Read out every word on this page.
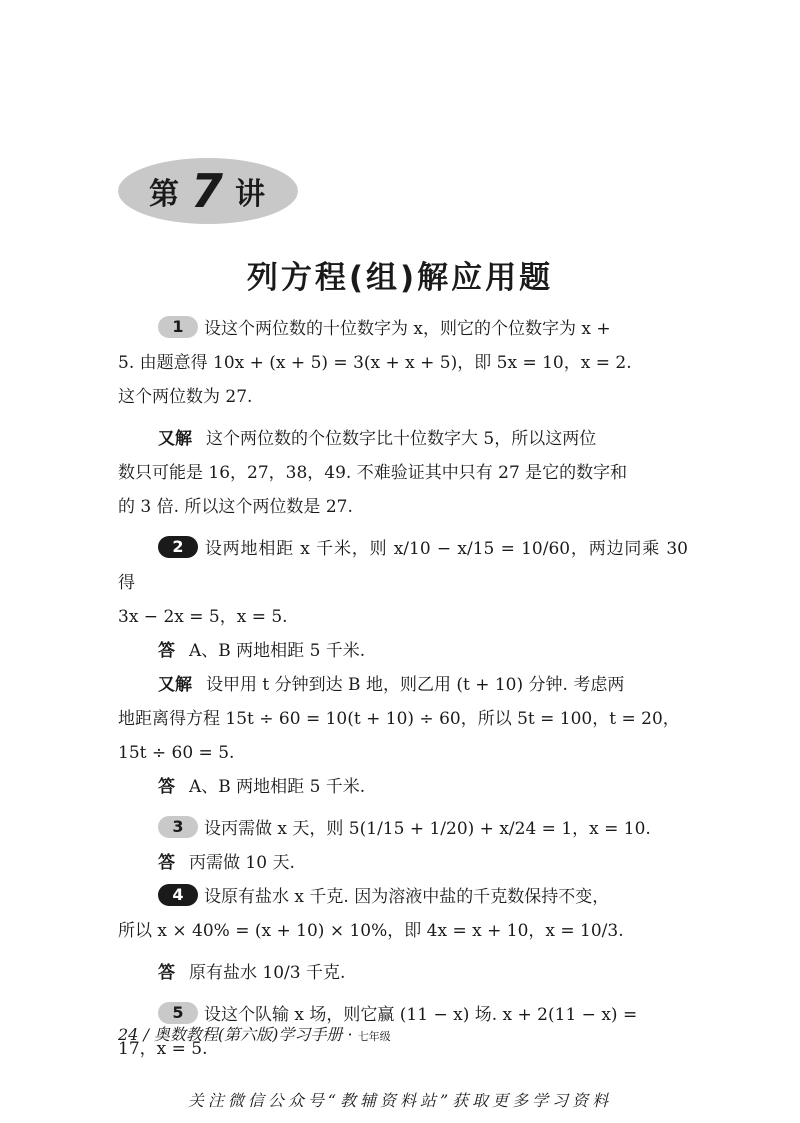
第 7 讲
列方程(组)解应用题

1 设这个两位数的十位数字为 x，则它的个位数字为 x +

5. 由题意得 10x + (x + 5) = 3(x + x + 5)，即 5x = 10，x = 2.

这个两位数为 27.

又解 这个两位数的个位数字比十位数字大 5，所以这两位

数只可能是 16，27，38，49. 不难验证其中只有 27 是它的数字和

的 3 倍. 所以这个两位数是 27.

2 设两地相距 x 千米，则 x/10 − x/15 = 10/60，两边同乘 30 得

3x − 2x = 5，x = 5.

答 A、B 两地相距 5 千米.

又解 设甲用 t 分钟到达 B 地，则乙用 (t + 10) 分钟. 考虑两

地距离得方程 15t ÷ 60 = 10(t + 10) ÷ 60，所以 5t = 100，t = 20，

15t ÷ 60 = 5.

答 A、B 两地相距 5 千米.

3 设丙需做 x 天，则 5(1/15 + 1/20) + x/24 = 1，x = 10.

答 丙需做 10 天.

4 设原有盐水 x 千克. 因为溶液中盐的千克数保持不变，

所以 x × 40% = (x + 10) × 10%，即 4x = x + 10，x = 10/3.

答 原有盐水 10/3 千克.

5 设这个队输 x 场，则它赢 (11 − x) 场. x + 2(11 − x) =

17，x = 5.

24 / 奥数教程(第六版)学习手册 · 七年级
关注微信公众号“教辅资料站”获取更多学习资料
